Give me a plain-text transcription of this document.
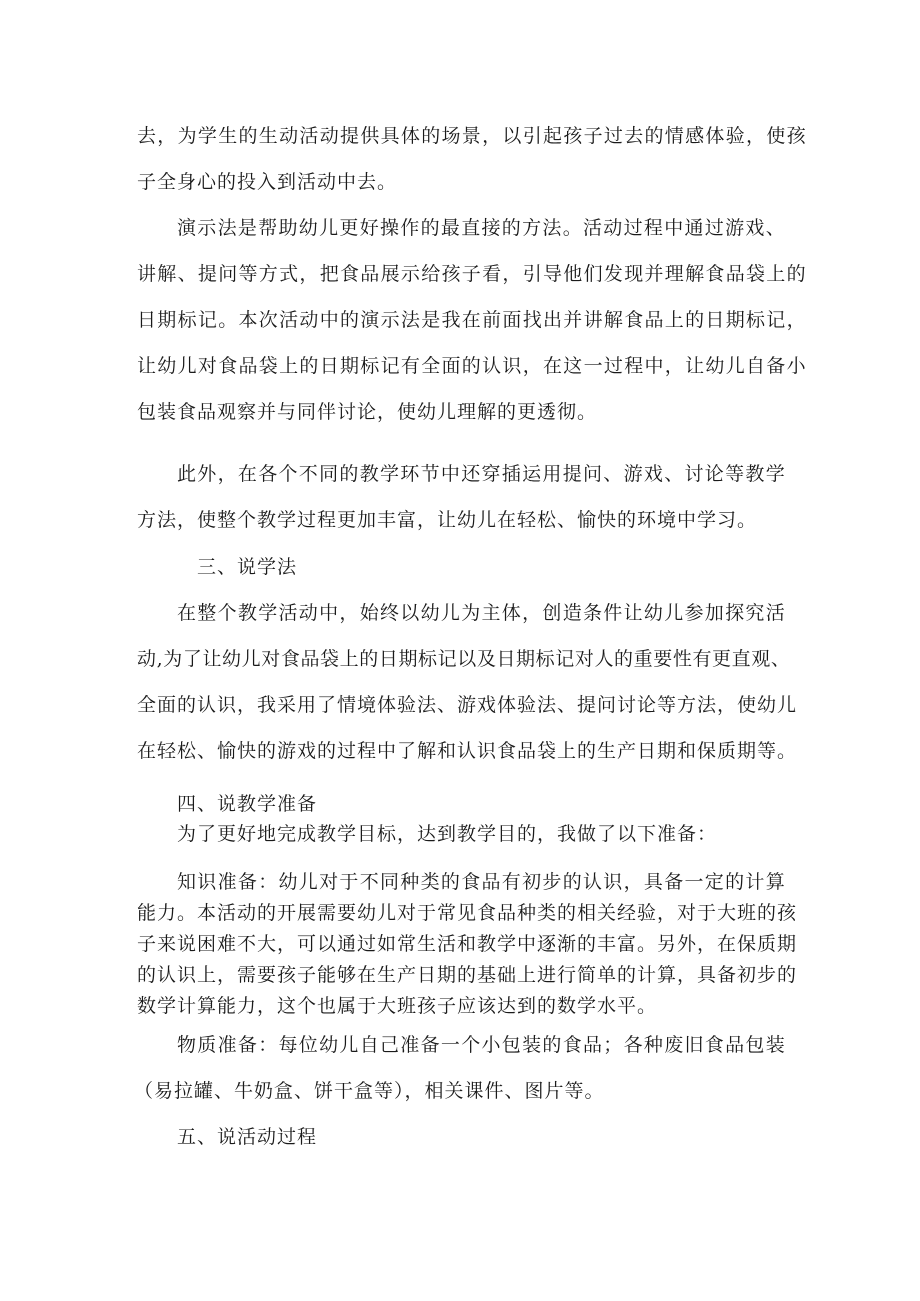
去，为学生的生动活动提供具体的场景，以引起孩子过去的情感体验，使孩
子全身心的投入到活动中去。
演示法是帮助幼儿更好操作的最直接的方法。活动过程中通过游戏、
讲解、提问等方式，把食品展示给孩子看，引导他们发现并理解食品袋上的
日期标记。本次活动中的演示法是我在前面找出并讲解食品上的日期标记，
让幼儿对食品袋上的日期标记有全面的认识，在这一过程中，让幼儿自备小
包装食品观察并与同伴讨论，使幼儿理解的更透彻。
此外，在各个不同的教学环节中还穿插运用提问、游戏、讨论等教学
方法，使整个教学过程更加丰富，让幼儿在轻松、愉快的环境中学习。
三、说学法
在整个教学活动中，始终以幼儿为主体，创造条件让幼儿参加探究活
动,为了让幼儿对食品袋上的日期标记以及日期标记对人的重要性有更直观、
全面的认识，我采用了情境体验法、游戏体验法、提问讨论等方法，使幼儿
在轻松、愉快的游戏的过程中了解和认识食品袋上的生产日期和保质期等。
四、说教学准备
为了更好地完成教学目标，达到教学目的，我做了以下准备：
知识准备：幼儿对于不同种类的食品有初步的认识，具备一定的计算
能力。本活动的开展需要幼儿对于常见食品种类的相关经验，对于大班的孩
子来说困难不大，可以通过如常生活和教学中逐渐的丰富。另外，在保质期
的认识上，需要孩子能够在生产日期的基础上进行简单的计算，具备初步的
数学计算能力，这个也属于大班孩子应该达到的数学水平。
物质准备：每位幼儿自己准备一个小包装的食品；各种废旧食品包装
（易拉罐、牛奶盒、饼干盒等），相关课件、图片等。
五、说活动过程
